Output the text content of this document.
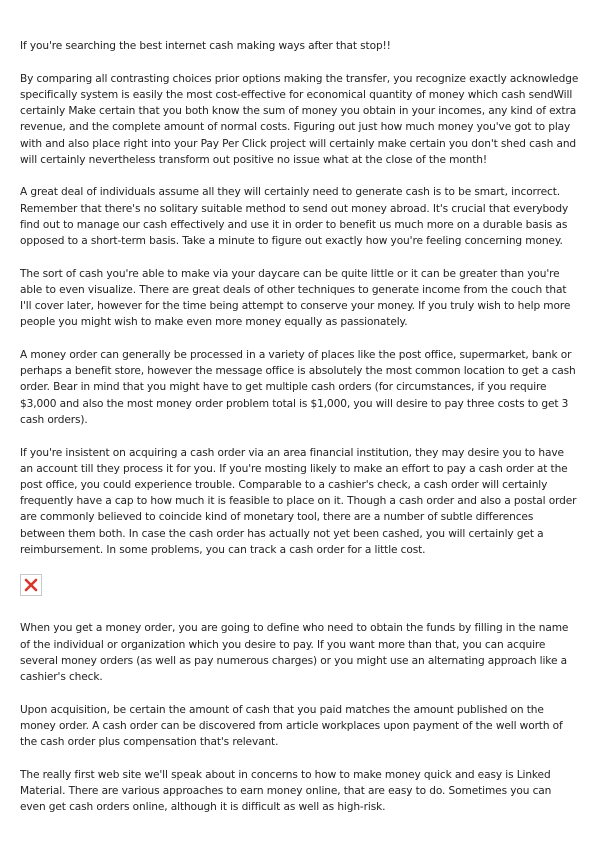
If you're searching the best internet cash making ways after that stop!!

By comparing all contrasting choices prior options making the transfer, you recognize exactly acknowledge specifically system is easily the most cost-effective for economical quantity of money which cash sendWill certainly Make certain that you both know the sum of money you obtain in your incomes, any kind of extra revenue, and the complete amount of normal costs. Figuring out just how much money you've got to play with and also place right into your Pay Per Click project will certainly make certain you don't shed cash and will certainly nevertheless transform out positive no issue what at the close of the month!

A great deal of individuals assume all they will certainly need to generate cash is to be smart, incorrect. Remember that there's no solitary suitable method to send out money abroad. It's crucial that everybody find out to manage our cash effectively and use it in order to benefit us much more on a durable basis as opposed to a short-term basis. Take a minute to figure out exactly how you're feeling concerning money.

The sort of cash you're able to make via your daycare can be quite little or it can be greater than you're able to even visualize. There are great deals of other techniques to generate income from the couch that I'll cover later, however for the time being attempt to conserve your money. If you truly wish to help more people you might wish to make even more money equally as passionately.

A money order can generally be processed in a variety of places like the post office, supermarket, bank or perhaps a benefit store, however the message office is absolutely the most common location to get a cash order. Bear in mind that you might have to get multiple cash orders (for circumstances, if you require $3,000 and also the most money order problem total is $1,000, you will desire to pay three costs to get 3 cash orders).

If you're insistent on acquiring a cash order via an area financial institution, they may desire you to have an account till they process it for you. If you're mosting likely to make an effort to pay a cash order at the post office, you could experience trouble. Comparable to a cashier's check, a cash order will certainly frequently have a cap to how much it is feasible to place on it. Though a cash order and also a postal order are commonly believed to coincide kind of monetary tool, there are a number of subtle differences between them both. In case the cash order has actually not yet been cashed, you will certainly get a reimbursement. In some problems, you can track a cash order for a little cost.

When you get a money order, you are going to define who need to obtain the funds by filling in the name of the individual or organization which you desire to pay. If you want more than that, you can acquire several money orders (as well as pay numerous charges) or you might use an alternating approach like a cashier's check.

Upon acquisition, be certain the amount of cash that you paid matches the amount published on the money order. A cash order can be discovered from article workplaces upon payment of the well worth of the cash order plus compensation that's relevant.

The really first web site we'll speak about in concerns to how to make money quick and easy is Linked Material. There are various approaches to earn money online, that are easy to do. Sometimes you can even get cash orders online, although it is difficult as well as high-risk.
